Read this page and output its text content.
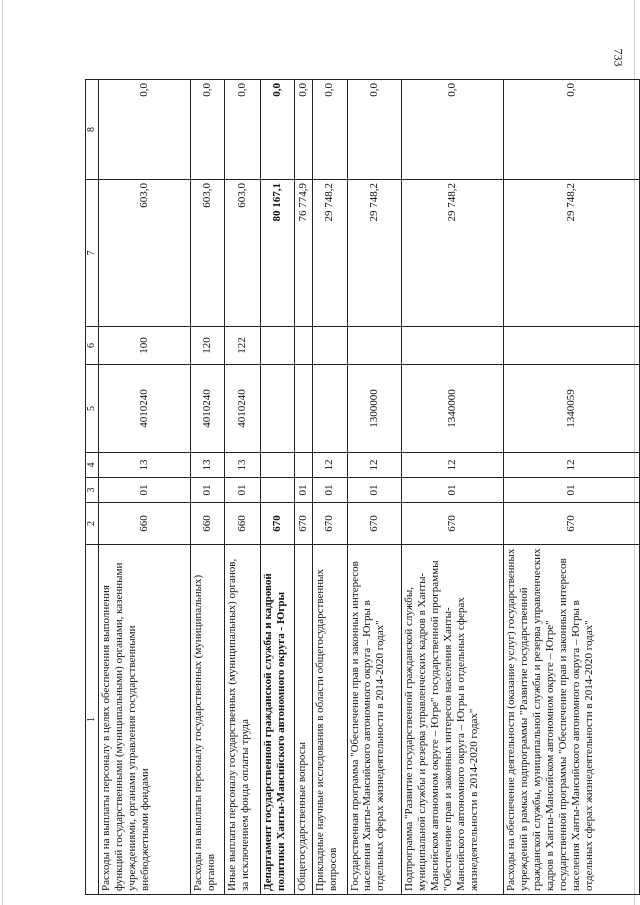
733
1	2	3	4	5	6	7	8
Расходы на выплаты персоналу в целях обеспечения выполнения функций государственными (муниципальными) органами, казенными учреждениями, органами управления государственными внебюджетными фондами	660	01	13	4010240	100	603,0	0,0
Расходы на выплаты персоналу государственных (муниципальных) органов	660	01	13	4010240	120	603,0	0,0
Иные выплаты персоналу государственных (муниципальных) органов, за исключением фонда оплаты труда	660	01	13	4010240	122	603,0	0,0
Департамент государственной гражданской службы и кадровой политики Ханты-Мансийского автономного округа - Югры	670					80 167,1	0,0
Общегосударственные вопросы	670	01				76 774,9	0,0
Прикладные научные исследования в области общегосударственных вопросов	670	01	12			29 748,2	0,0
Государственная программа "Обеспечение прав и законных интересов населения Ханты-Мансийского автономного округа – Югры в отдельных сферах жизнедеятельности в 2014-2020 годах"	670	01	12	1300000		29 748,2	0,0
Подпрограмма "Развитие государственной гражданской службы, муниципальной службы и резерва управленческих кадров в Ханты-Мансийском автономном округе – Югре" государственной программы "Обеспечение прав и законных интересов населения Ханты-Мансийского автономного округа – Югры в отдельных сферах жизнедеятельности в 2014-2020 годах"	670	01	12	1340000		29 748,2	0,0
Расходы на обеспечение деятельности (оказание услуг) государственных учреждений в рамках подпрограммы "Развитие государственной гражданской службы, муниципальной службы и резерва управленческих кадров в Ханты-Мансийском автономном округе – Югре" государственной программы "Обеспечение прав и законных интересов населения Ханты-Мансийского автономного округа – Югры в отдельных сферах жизнедеятельности в 2014-2020 годах"	670	01	12	1340059		29 748,2	0,0
